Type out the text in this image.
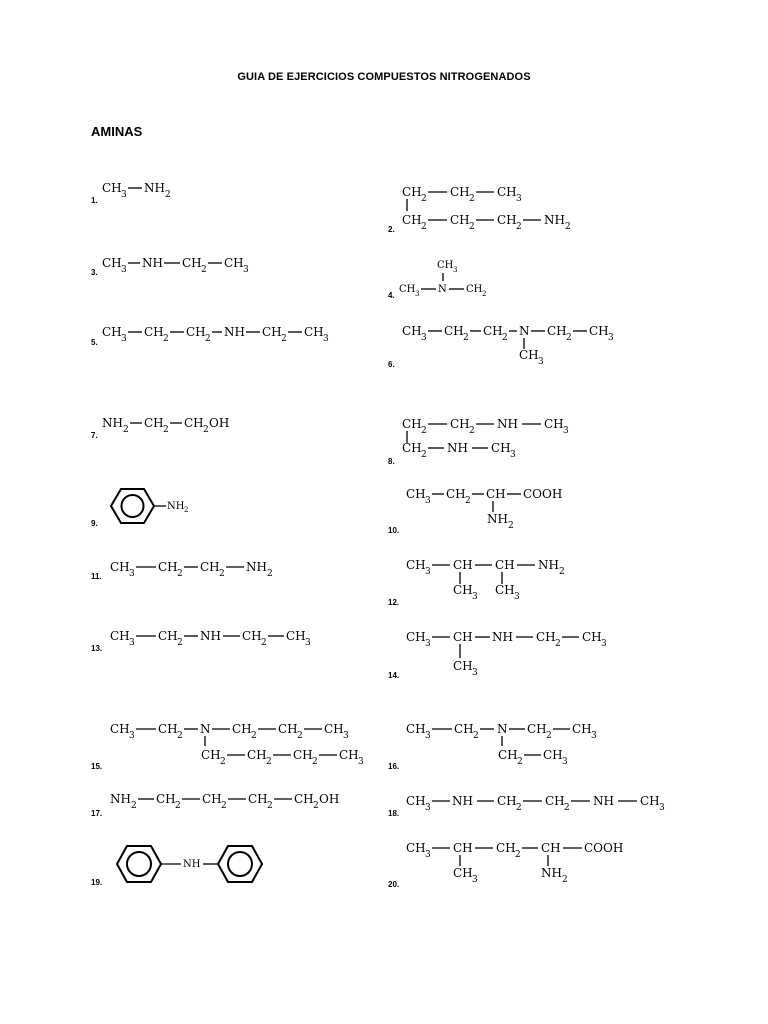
GUIA DE EJERCICIOS COMPUESTOS NITROGENADOS
AMINAS
1.
2.
3.
4.
5.
6.
7.
8.
9.
10.
11.
12.
13.
14.
15.	16.
17.	18.
19.	20.
CH 3 NH 2	CH 2 CH 2 CH 3
CH 2 CH 2 CH 2 NH 2
CH 3 NH CH 2 CH 3	CH 3
CH 3 N CH 2
CH 3 CH 2 CH 2 NH CH 2 CH 3
CH 3 CH 2 CH 2 N CH 2 CH 3
CH 3
NH 2 CH 2 CH 2 OH	CH 2 CH 2 NH CH 3
CH 2 NH CH 3
NH 2
CH 3 CH 2 CH COOH
NH 2
CH 3 CH 2 CH 2 NH 2
CH 3 CH CH NH 2
CH 3 CH 3
CH 3 CH 2 NH CH 2 CH 3	CH 3 CH NH CH 2 CH 3
CH 3
CH 3 CH 2 N CH 2 CH 2 CH 3
CH 2 CH 2 CH 2 CH 3
CH 3 CH 2 N CH 2 CH 3
CH 2 CH 3
NH 2 CH 2 CH 2 CH 2 CH 2 OH	CH 3 NH CH 2 CH 2 NH CH 3
NH
CH 3 CH CH 2 CH COOH
CH 3	NH 2
